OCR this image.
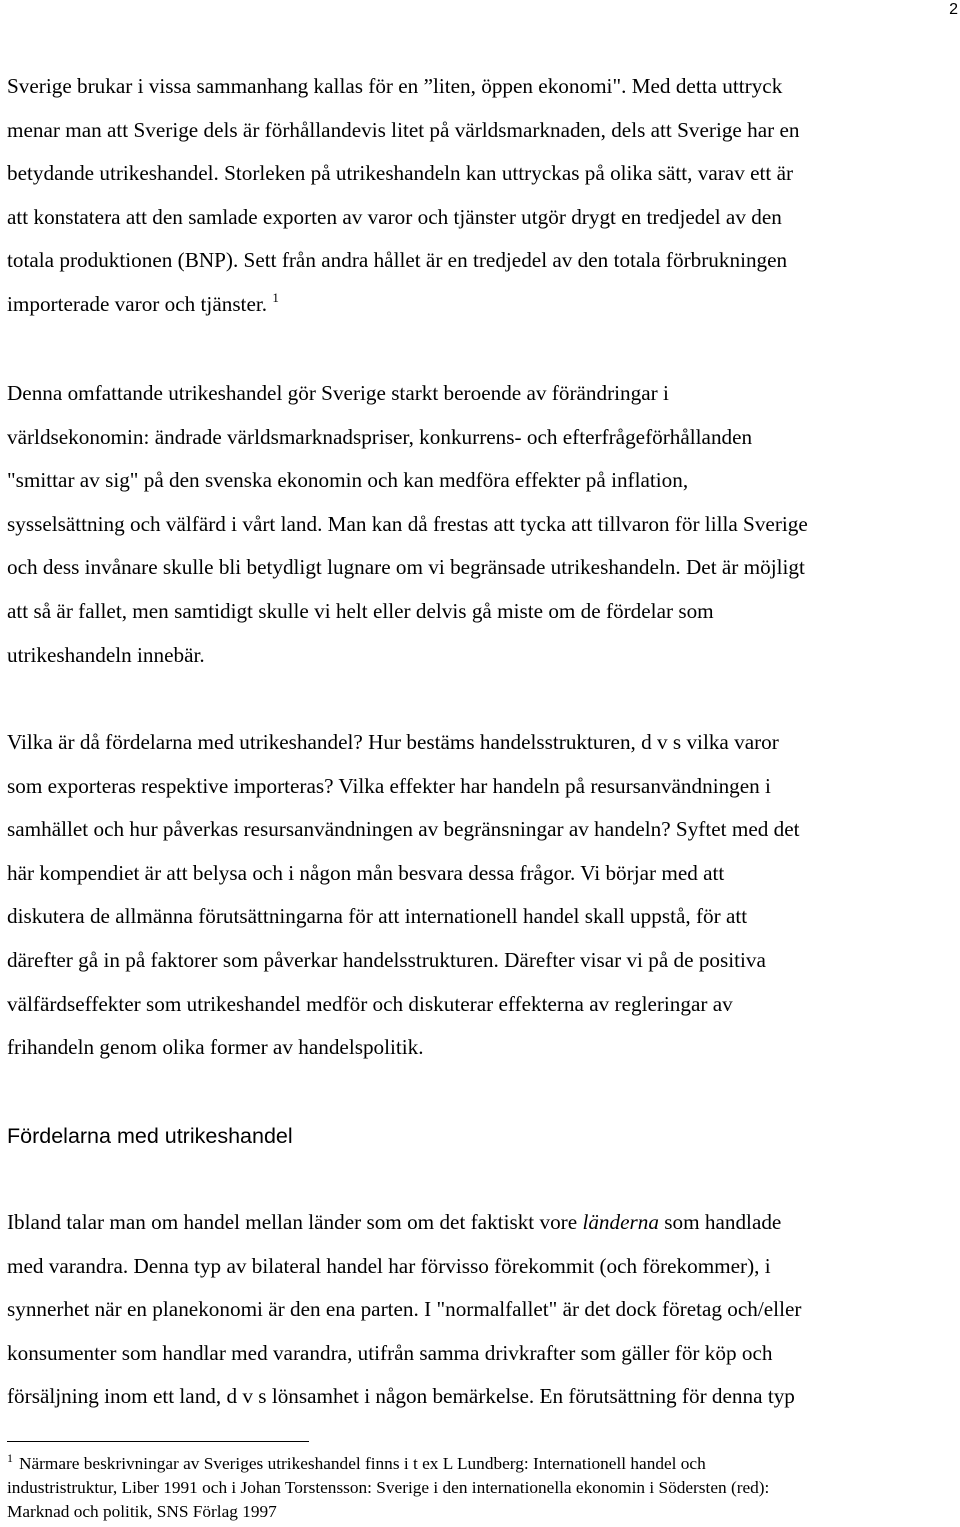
2
Sverige brukar i vissa sammanhang kallas för en ”liten, öppen ekonomi". Med detta uttryck
menar man att Sverige dels är förhållandevis litet på världsmarknaden, dels att Sverige har en
betydande utrikeshandel. Storleken på utrikeshandeln kan uttryckas på olika sätt, varav ett är
att konstatera att den samlade exporten av varor och tjänster utgör drygt en tredjedel av den
totala produktionen (BNP). Sett från andra hållet är en tredjedel av den totala förbrukningen
importerade varor och tjänster. $^1$
Denna omfattande utrikeshandel gör Sverige starkt beroende av förändringar i
världsekonomin: ändrade världsmarknadspriser, konkurrens- och efterfrågeförhållanden
"smittar av sig" på den svenska ekonomin och kan medföra effekter på inflation,
sysselsättning och välfärd i vårt land. Man kan då frestas att tycka att tillvaron för lilla Sverige
och dess invånare skulle bli betydligt lugnare om vi begränsade utrikeshandeln. Det är möjligt
att så är fallet, men samtidigt skulle vi helt eller delvis gå miste om de fördelar som
utrikeshandeln innebär.
Vilka är då fördelarna med utrikeshandel? Hur bestäms handelsstrukturen, d v s vilka varor
som exporteras respektive importeras? Vilka effekter har handeln på resursanvändningen i
samhället och hur påverkas resursanvändningen av begränsningar av handeln? Syftet med det
här kompendiet är att belysa och i någon mån besvara dessa frågor. Vi börjar med att
diskutera de allmänna förutsättningarna för att internationell handel skall uppstå, för att
därefter gå in på faktorer som påverkar handelsstrukturen. Därefter visar vi på de positiva
välfärdseffekter som utrikeshandel medför och diskuterar effekterna av regleringar av
frihandeln genom olika former av handelspolitik.
Fördelarna med utrikeshandel
Ibland talar man om handel mellan länder som om det faktiskt vore länderna som handlade
med varandra. Denna typ av bilateral handel har förvisso förekommit (och förekommer), i
synnerhet när en planekonomi är den ena parten. I "normalfallet" är det dock företag och/eller
konsumenter som handlar med varandra, utifrån samma drivkrafter som gäller för köp och
försäljning inom ett land, d v s lönsamhet i någon bemärkelse. En förutsättning för denna typ
$^1$ Närmare beskrivningar av Sveriges utrikeshandel finns i t ex L Lundberg: Internationell handel och
industristruktur, Liber 1991 och i Johan Torstensson: Sverige i den internationella ekonomin i Södersten (red):
Marknad och politik, SNS Förlag 1997
